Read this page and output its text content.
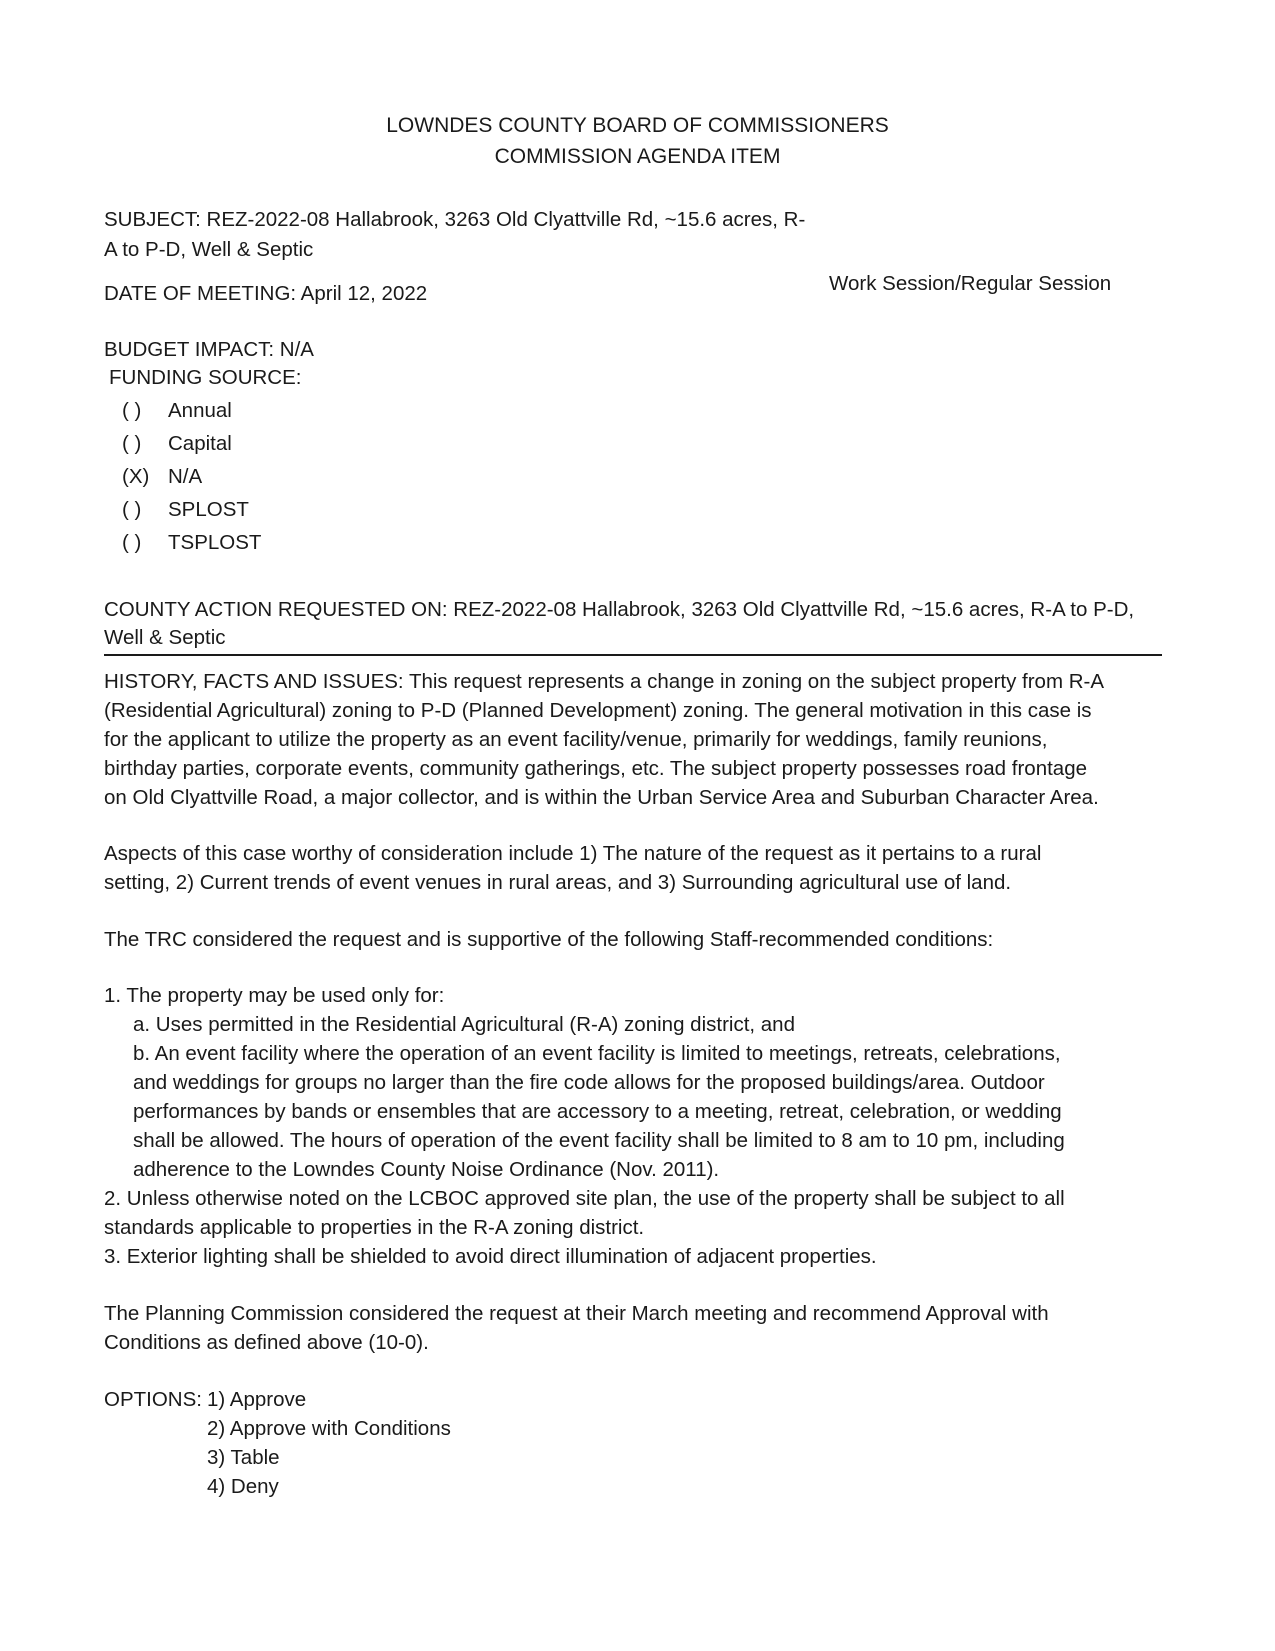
LOWNDES COUNTY BOARD OF COMMISSIONERS
COMMISSION AGENDA ITEM
SUBJECT: REZ-2022-08 Hallabrook, 3263 Old Clyattville Rd, ~15.6 acres, R-
A to P-D, Well & Septic
DATE OF MEETING: April 12, 2022	Work Session/Regular Session
BUDGET IMPACT: N/A
FUNDING SOURCE:
( ) Annual
( ) Capital
(X) N/A
( ) SPLOST
( ) TSPLOST
COUNTY ACTION REQUESTED ON: REZ-2022-08 Hallabrook, 3263 Old Clyattville Rd, ~15.6 acres, R-A to P-D,
Well & Septic
HISTORY, FACTS AND ISSUES: This request represents a change in zoning on the subject property from R-A
(Residential Agricultural) zoning to P-D (Planned Development) zoning. The general motivation in this case is
for the applicant to utilize the property as an event facility/venue, primarily for weddings, family reunions,
birthday parties, corporate events, community gatherings, etc. The subject property possesses road frontage
on Old Clyattville Road, a major collector, and is within the Urban Service Area and Suburban Character Area.
Aspects of this case worthy of consideration include 1) The nature of the request as it pertains to a rural
setting, 2) Current trends of event venues in rural areas, and 3) Surrounding agricultural use of land.
The TRC considered the request and is supportive of the following Staff-recommended conditions:
1. The property may be used only for:
a. Uses permitted in the Residential Agricultural (R-A) zoning district, and
b. An event facility where the operation of an event facility is limited to meetings, retreats, celebrations,
and weddings for groups no larger than the fire code allows for the proposed buildings/area. Outdoor
performances by bands or ensembles that are accessory to a meeting, retreat, celebration, or wedding
shall be allowed. The hours of operation of the event facility shall be limited to 8 am to 10 pm, including
adherence to the Lowndes County Noise Ordinance (Nov. 2011).
2. Unless otherwise noted on the LCBOC approved site plan, the use of the property shall be subject to all
standards applicable to properties in the R-A zoning district.
3. Exterior lighting shall be shielded to avoid direct illumination of adjacent properties.
The Planning Commission considered the request at their March meeting and recommend Approval with
Conditions as defined above (10-0).
OPTIONS: 1) Approve
2) Approve with Conditions
3) Table
4) Deny
